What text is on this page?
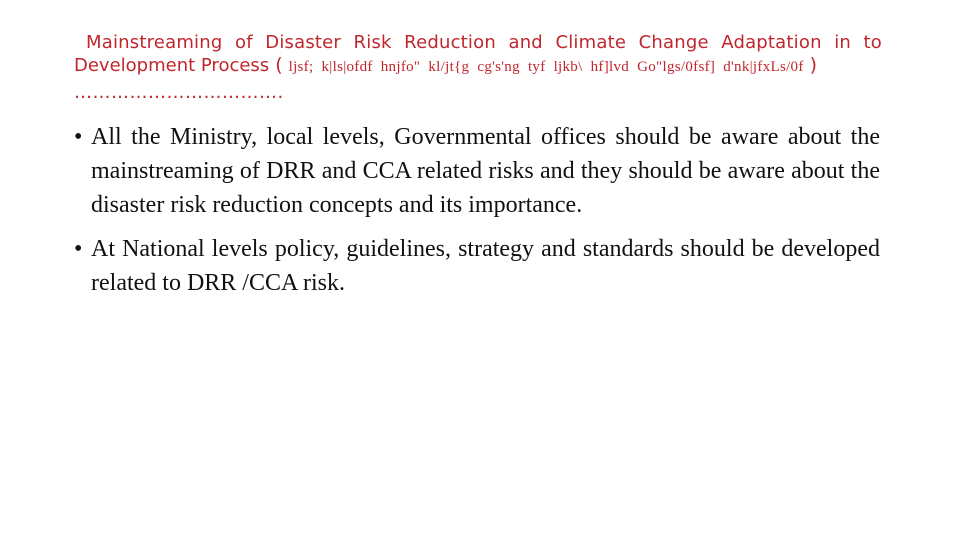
Mainstreaming of Disaster Risk Reduction and Climate Change Adaptation in to
Development Process ( ljsf; k|ls|ofdf hnjfo" kl/jt{g cg's'ng tyf ljkb\ hf]lvd Go"lgs/0fsf] d'nk|jfxLs/0f )
…………………………….
• All the Ministry, local levels, Governmental offices should be aware about the mainstreaming of DRR and CCA related risks and they should be aware about the disaster risk reduction concepts and its importance.
• At National levels policy, guidelines, strategy and standards should be developed related to DRR /CCA risk.
